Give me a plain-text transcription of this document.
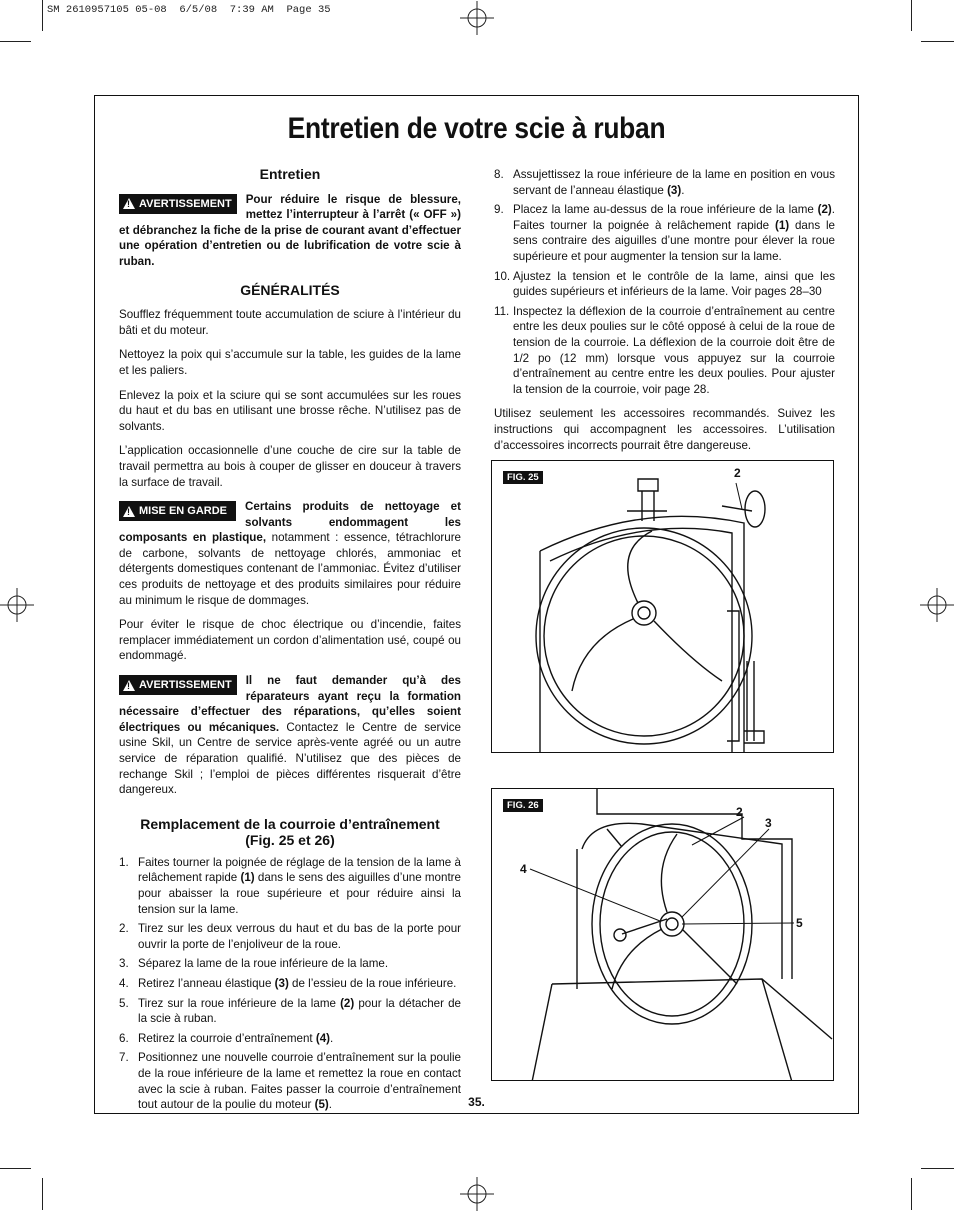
SM 2610957105 05-08  6/5/08  7:39 AM  Page 35
Entretien de votre scie à ruban
Entretien
! AVERTISSEMENT Pour réduire le risque de blessure, mettez l’interrupteur à l’arrêt (« OFF ») et débranchez la fiche de la prise de courant avant d’effectuer une opération d’entretien ou de lubrification de votre scie à ruban.
GÉNÉRALITÉS

Soufflez fréquemment toute accumulation de sciure à l’intérieur du bâti et du moteur.

Nettoyez la poix qui s’accumule sur la table, les guides de la lame et les paliers.

Enlevez la poix et la sciure qui se sont accumulées sur les roues du haut et du bas en utilisant une brosse rêche. N’utilisez pas de solvants.

L’application occasionnelle d’une couche de cire sur la table de travail permettra au bois à couper de glisser en douceur à travers la surface de travail.

! MISE EN GARDE Certains produits de nettoyage et solvants endommagent les composants en plastique, notamment : essence, tétrachlorure de carbone, solvants de nettoyage chlorés, ammoniac et détergents domestiques contenant de l’ammoniac. Évitez d’utiliser ces produits de nettoyage et des produits similaires pour réduire au minimum le risque de dommages.

Pour éviter le risque de choc électrique ou d’incendie, faites remplacer immédiatement un cordon d’alimentation usé, coupé ou endommagé.

! AVERTISSEMENT Il ne faut demander qu’à des réparateurs ayant reçu la formation nécessaire d’effectuer des réparations, qu’elles soient électriques ou mécaniques. Contactez le Centre de service usine Skil, un Centre de service après-vente agréé ou un autre service de réparation qualifié. N’utilisez que des pièces de rechange Skil ; l’emploi de pièces différentes risquerait d’être dangereux.
Remplacement de la courroie d’entraînement
(Fig. 25 et 26)
1. Faites tourner la poignée de réglage de la tension de la lame à relâchement rapide (1) dans le sens des aiguilles d’une montre pour abaisser la roue supérieure et pour réduire ainsi la tension sur la lame.
2. Tirez sur les deux verrous du haut et du bas de la porte pour ouvrir la porte de l’enjoliveur de la roue.
3. Séparez la lame de la roue inférieure de la lame.
4. Retirez l’anneau élastique (3) de l’essieu de la roue inférieure.
5. Tirez sur la roue inférieure de la lame (2) pour la détacher de la scie à ruban.
6. Retirez la courroie d’entraînement (4).
7. Positionnez une nouvelle courroie d’entraînement sur la poulie de la roue inférieure de la lame et remettez la roue en contact avec la scie à ruban. Faites passer la courroie d’entraînement tout autour de la poulie du moteur (5).
8. Assujettissez la roue inférieure de la lame en position en vous servant de l’anneau élastique (3).
9. Placez la lame au-dessus de la roue inférieure de la lame (2). Faites tourner la poignée à relâchement rapide (1) dans le sens contraire des aiguilles d’une montre pour élever la roue supérieure et pour augmenter la tension sur la lame.
10. Ajustez la tension et le contrôle de la lame, ainsi que les guides supérieurs et inférieurs de la lame. Voir pages 28–30
11. Inspectez la déflexion de la courroie d’entraînement au centre entre les deux poulies sur le côté opposé à celui de la roue de tension de la courroie. La déflexion de la courroie doit être de 1/2 po (12 mm) lorsque vous appuyez sur la courroie d’entraînement au centre entre les deux poulies. Pour ajuster la tension de la courroie, voir page 28.

Utilisez seulement les accessoires recommandés. Suivez les instructions qui accompagnent les accessoires. L’utilisation d’accessoires incorrects pourrait être dangereuse.

FIG. 25	2
FIG. 26	2
3
4
5
35.
